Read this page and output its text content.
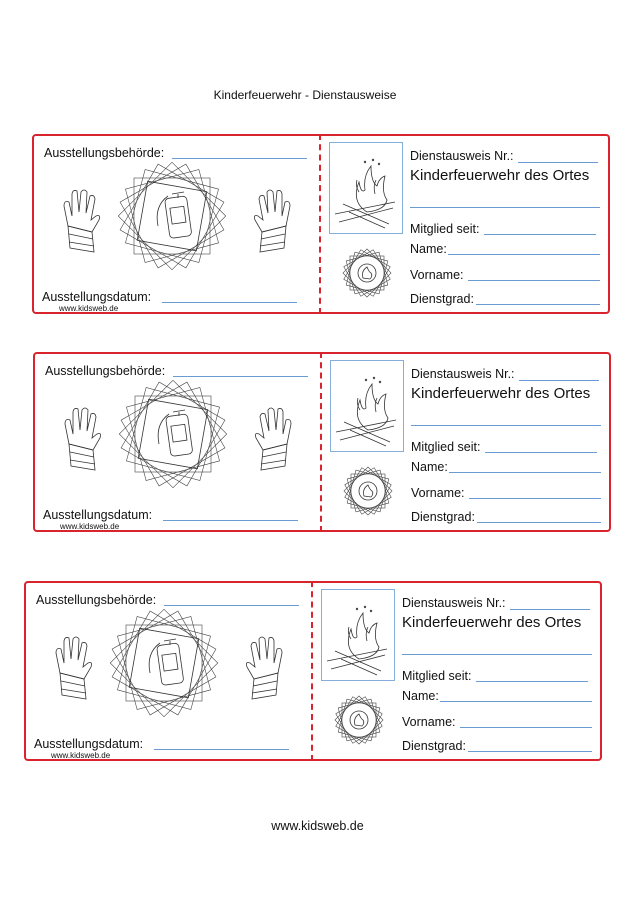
Kinderfeuerwehr - Dienstausweise
Ausstellungsbehörde:
Ausstellungsdatum:
www.kidsweb.de
Dienstausweis Nr.:
Kinderfeuerwehr des Ortes
Mitglied seit:
Name:
Vorname:
Dienstgrad:
Ausstellungsbehörde:
Ausstellungsdatum:
www.kidsweb.de
Dienstausweis Nr.:
Kinderfeuerwehr des Ortes
Mitglied seit:
Name:
Vorname:
Dienstgrad:
Ausstellungsbehörde:
Ausstellungsdatum:
www.kidsweb.de
Dienstausweis Nr.:
Kinderfeuerwehr des Ortes
Mitglied seit:
Name:
Vorname:
Dienstgrad:
www.kidsweb.de
